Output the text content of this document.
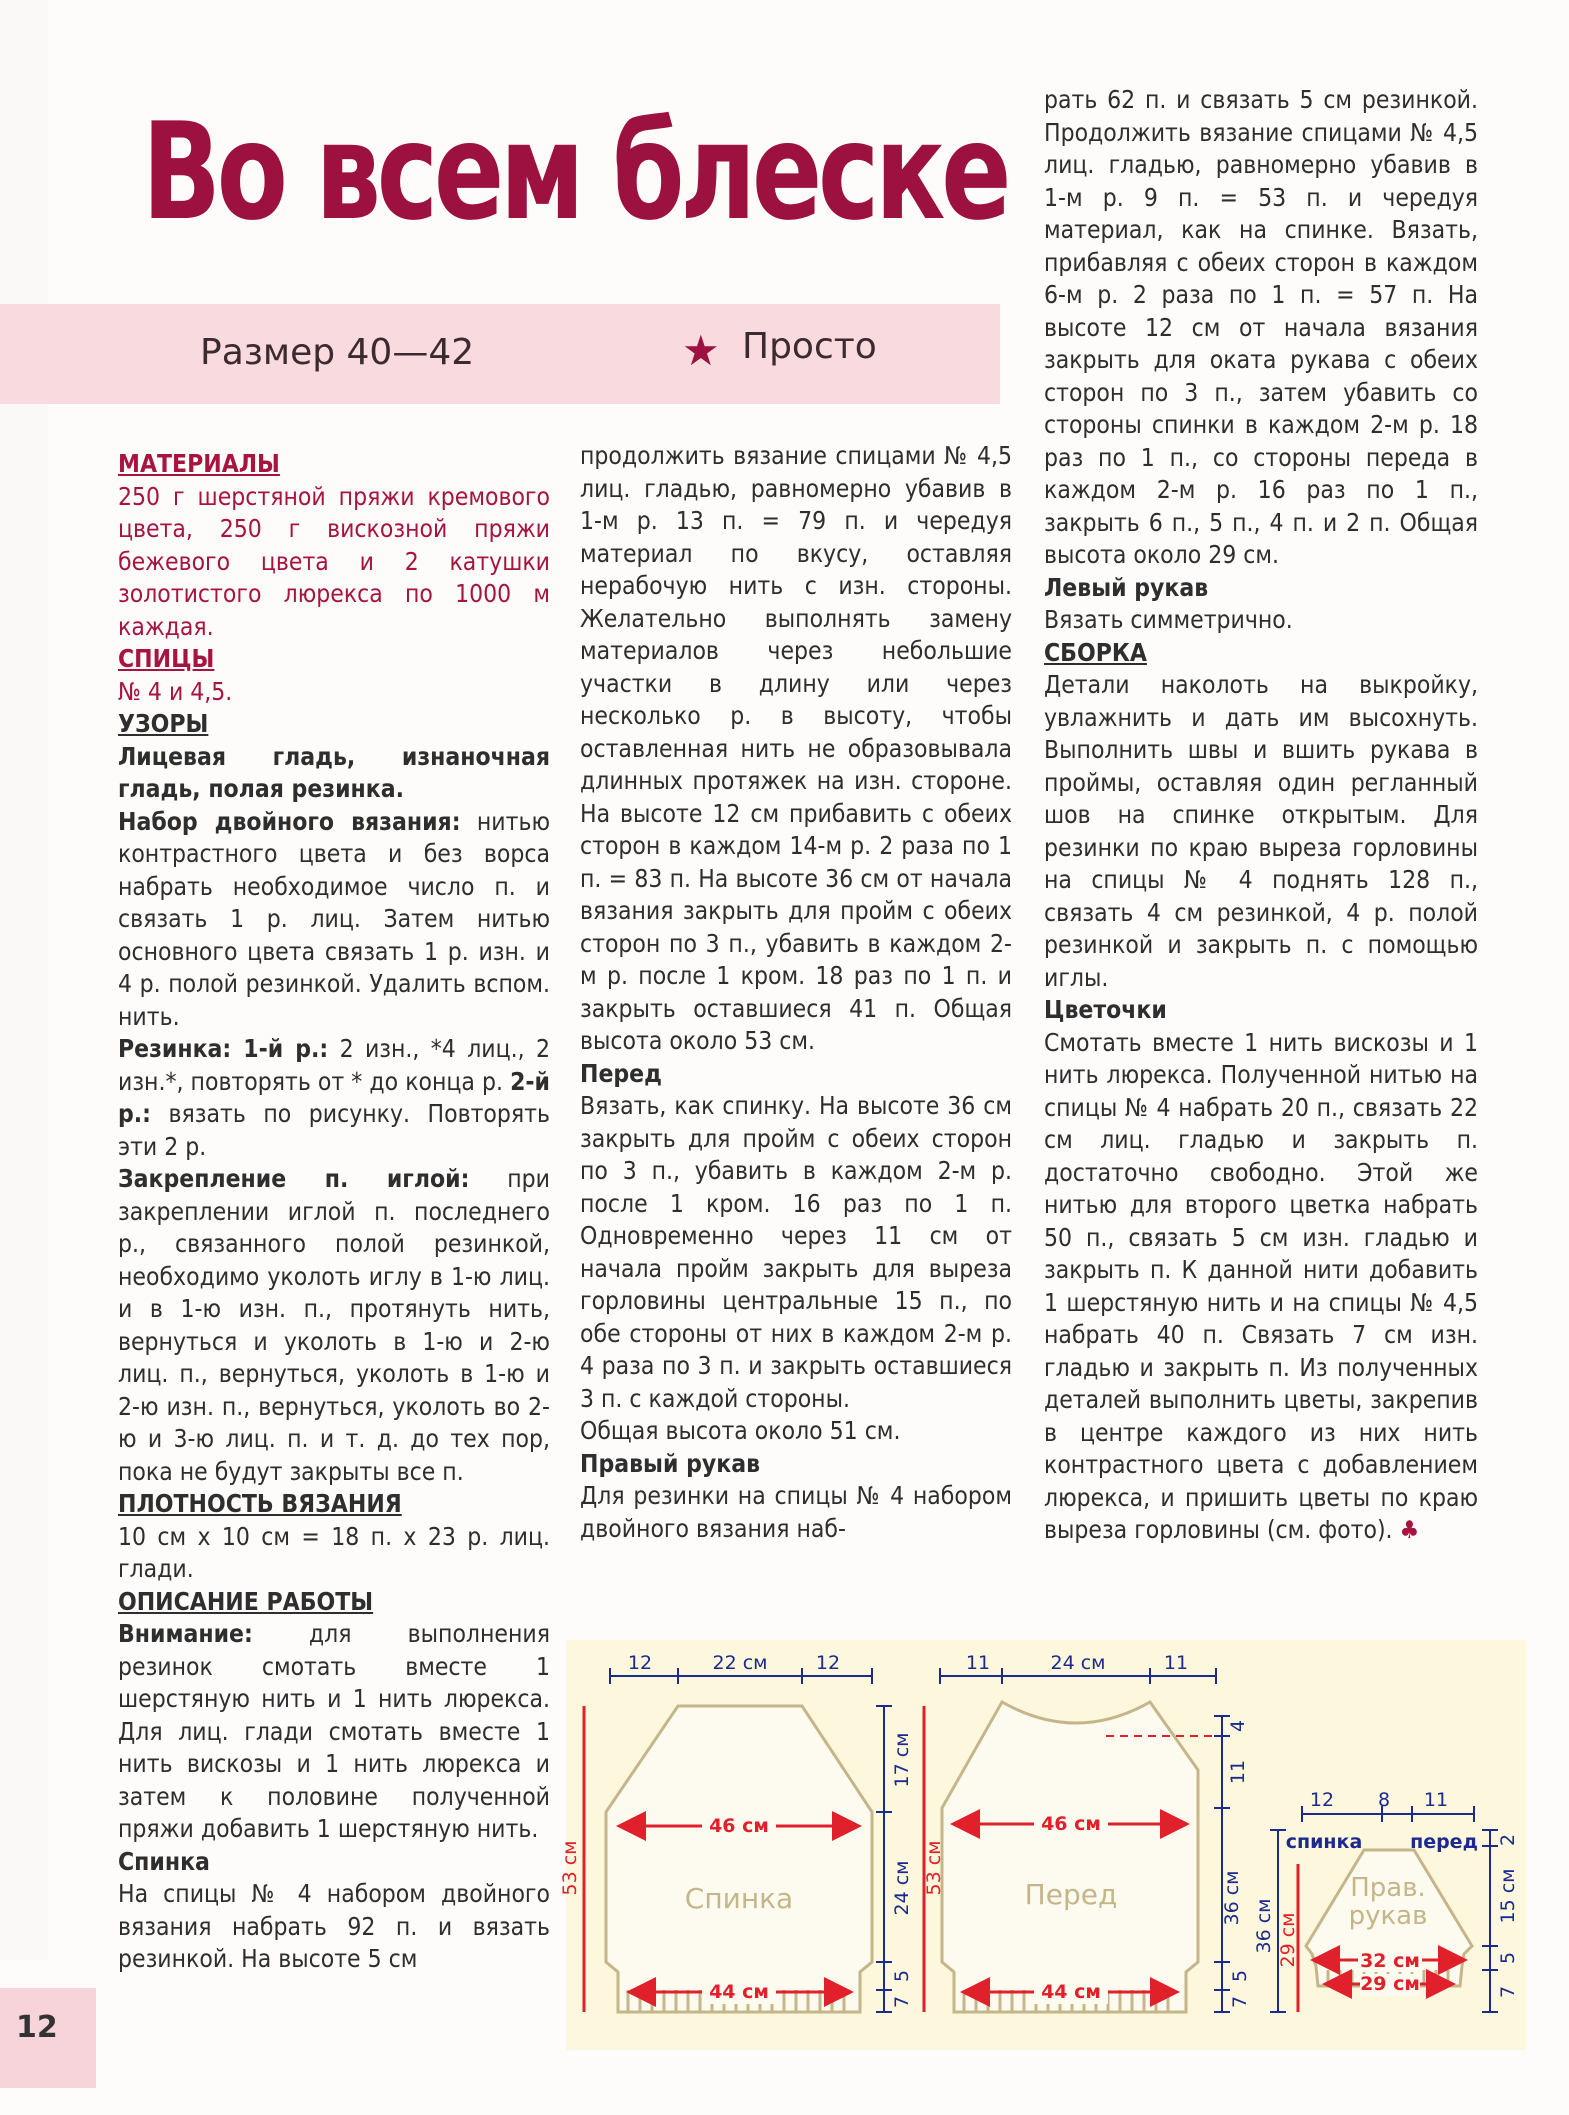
Во всем блеске
Размер 40—42	★ Просто
МАТЕРИАЛЫ

250 г шерстяной пряжи кремового цвета, 250 г вискозной пряжи бежевого цвета и 2 катушки золотистого люрекса по 1000 м каждая.

СПИЦЫ

№ 4 и 4,5.

УЗОРЫ

Лицевая гладь, изнаночная гладь, полая резинка.

Набор двойного вязания: нитью контрастного цвета и без ворса набрать необходимое число п. и связать 1 р. лиц. Затем нитью основного цвета связать 1 р. изн. и 4 р. полой резинкой. Удалить вспом. нить.

Резинка: 1-й р.: 2 изн., *4 лиц., 2 изн.*, повторять от * до конца р. 2-й р.: вязать по рисунку. Повторять эти 2 р.

Закрепление п. иглой: при закреплении иглой п. последнего р., связанного полой резинкой, необходимо уколоть иглу в 1-ю лиц. и в 1-ю изн. п., протянуть нить, вернуться и уколоть в 1-ю и 2-ю лиц. п., вернуться, уколоть в 1-ю и 2-ю изн. п., вернуться, уколоть во 2-ю и 3-ю лиц. п. и т. д. до тех пор, пока не будут закрыты все п.

ПЛОТНОСТЬ ВЯЗАНИЯ

10 см х 10 см = 18 п. х 23 р. лиц. глади.

ОПИСАНИЕ РАБОТЫ

Внимание: для выполнения резинок смотать вместе 1 шерстяную нить и 1 нить люрекса. Для лиц. глади смотать вместе 1 нить вискозы и 1 нить люрекса и затем к половине полученной пряжи добавить 1 шерстяную нить.

Спинка

На спицы № 4 набором двойного вязания набрать 92 п. и вязать резинкой. На высоте 5 см

продолжить вязание спицами № 4,5 лиц. гладью, равномерно убавив в 1-м р. 13 п. = 79 п. и чередуя материал по вкусу, оставляя нерабочую нить с изн. стороны. Желательно выполнять замену материалов через небольшие участки в длину или через несколько р. в высоту, чтобы оставленная нить не образовывала длинных протяжек на изн. стороне. На высоте 12 см прибавить с обеих сторон в каждом 14-м р. 2 раза по 1 п. = 83 п. На высоте 36 см от начала вязания закрыть для пройм с обеих сторон по 3 п., убавить в каждом 2-м р. после 1 кром. 18 раз по 1 п. и закрыть оставшиеся 41 п. Общая высота около 53 см.

Перед

Вязать, как спинку. На высоте 36 см закрыть для пройм с обеих сторон по 3 п., убавить в каждом 2-м р. после 1 кром. 16 раз по 1 п. Одновременно через 11 см от начала пройм закрыть для выреза горловины центральные 15 п., по обе стороны от них в каждом 2-м р. 4 раза по 3 п. и закрыть оставшиеся 3 п. с каждой стороны.

Общая высота около 51 см.

Правый рукав

Для резинки на спицы № 4 набором двойного вязания наб-

рать 62 п. и связать 5 см резинкой. Продолжить вязание спицами № 4,5 лиц. гладью, равномерно убавив в 1-м р. 9 п. = 53 п. и чередуя материал, как на спинке. Вязать, прибавляя с обеих сторон в каждом 6-м р. 2 раза по 1 п. = 57 п. На высоте 12 см от начала вязания закрыть для оката рукава с обеих сторон по 3 п., затем убавить со стороны спинки в каждом 2-м р. 18 раз по 1 п., со стороны переда в каждом 2-м р. 16 раз по 1 п., закрыть 6 п., 5 п., 4 п. и 2 п. Общая высота около 29 см.

Левый рукав

Вязать симметрично.

СБОРКА

Детали наколоть на выкройку, увлажнить и дать им высохнуть. Выполнить швы и вшить рукава в проймы, оставляя один регланный шов на спинке открытым. Для резинки по краю выреза горловины на спицы № 4 поднять 128 п., связать 4 см резинкой, 4 р. полой резинкой и закрыть п. с помощью иглы.

Цветочки

Смотать вместе 1 нить вискозы и 1 нить люрекса. Полученной нитью на спицы № 4 набрать 20 п., связать 22 см лиц. гладью и закрыть п. достаточно свободно. Этой же нитью для второго цветка набрать 50 п., связать 5 см изн. гладью и закрыть п. К данной нити добавить 1 шерстяную нить и на спицы № 4,5 набрать 40 п. Связать 7 см изн. гладью и закрыть п. Из полученных деталей выполнить цветы, закрепив в центре каждого из них нить контрастного цвета с добавлением люрекса, и пришить цветы по краю выреза горловины (см. фото). ♣

12
12	22 см	12
46 см
44 см
Спинка
53 см
17 см
24 см
5
7
11	24 см	11
46 см
44 см
Перед
53 см
4
11
36 см
5
7
12 8 11
спинка	перед
Прав.
рукав
32 см
29 см
36 см 29 см
2
15 см
5
7
